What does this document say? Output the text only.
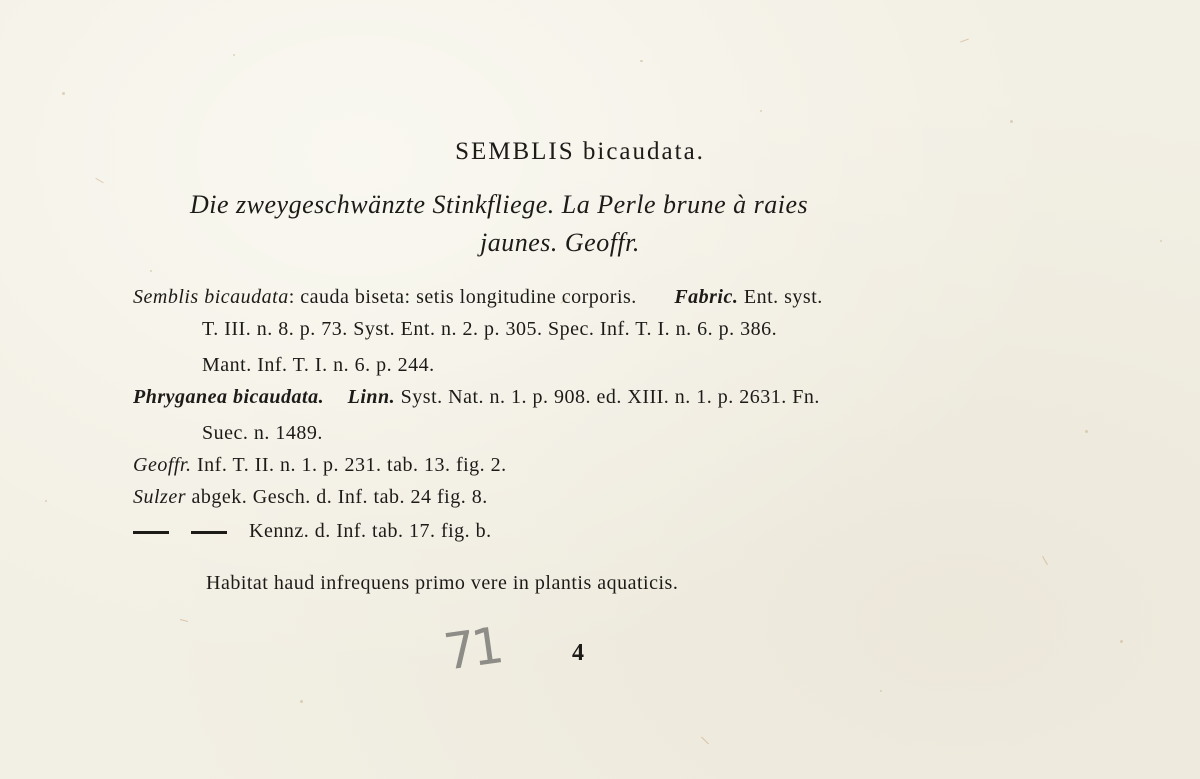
SEMBLIS bicaudata.
Die zweygeschwänzte Stinkfliege. La Perle brune à raies
jaunes. Geoffr.
Semblis bicaudata: cauda biseta: setis longitudine corporis. Fabric. Ent. syst.
T. III. n. 8. p. 73. Syst. Ent. n. 2. p. 305. Spec. Inf. T. I. n. 6. p. 386.
Mant. Inf. T. I. n. 6. p. 244.
Phryganea bicaudata. Linn. Syst. Nat. n. 1. p. 908. ed. XIII. n. 1. p. 2631. Fn.
Suec. n. 1489.
Geoffr. Inf. T. II. n. 1. p. 231. tab. 13. fig. 2.
Sulzer abgek. Gesch. d. Inf. tab. 24 fig. 8.
Kennz. d. Inf. tab. 17. fig. b.
Habitat haud infrequens primo vere in plantis aquaticis.
71	4
